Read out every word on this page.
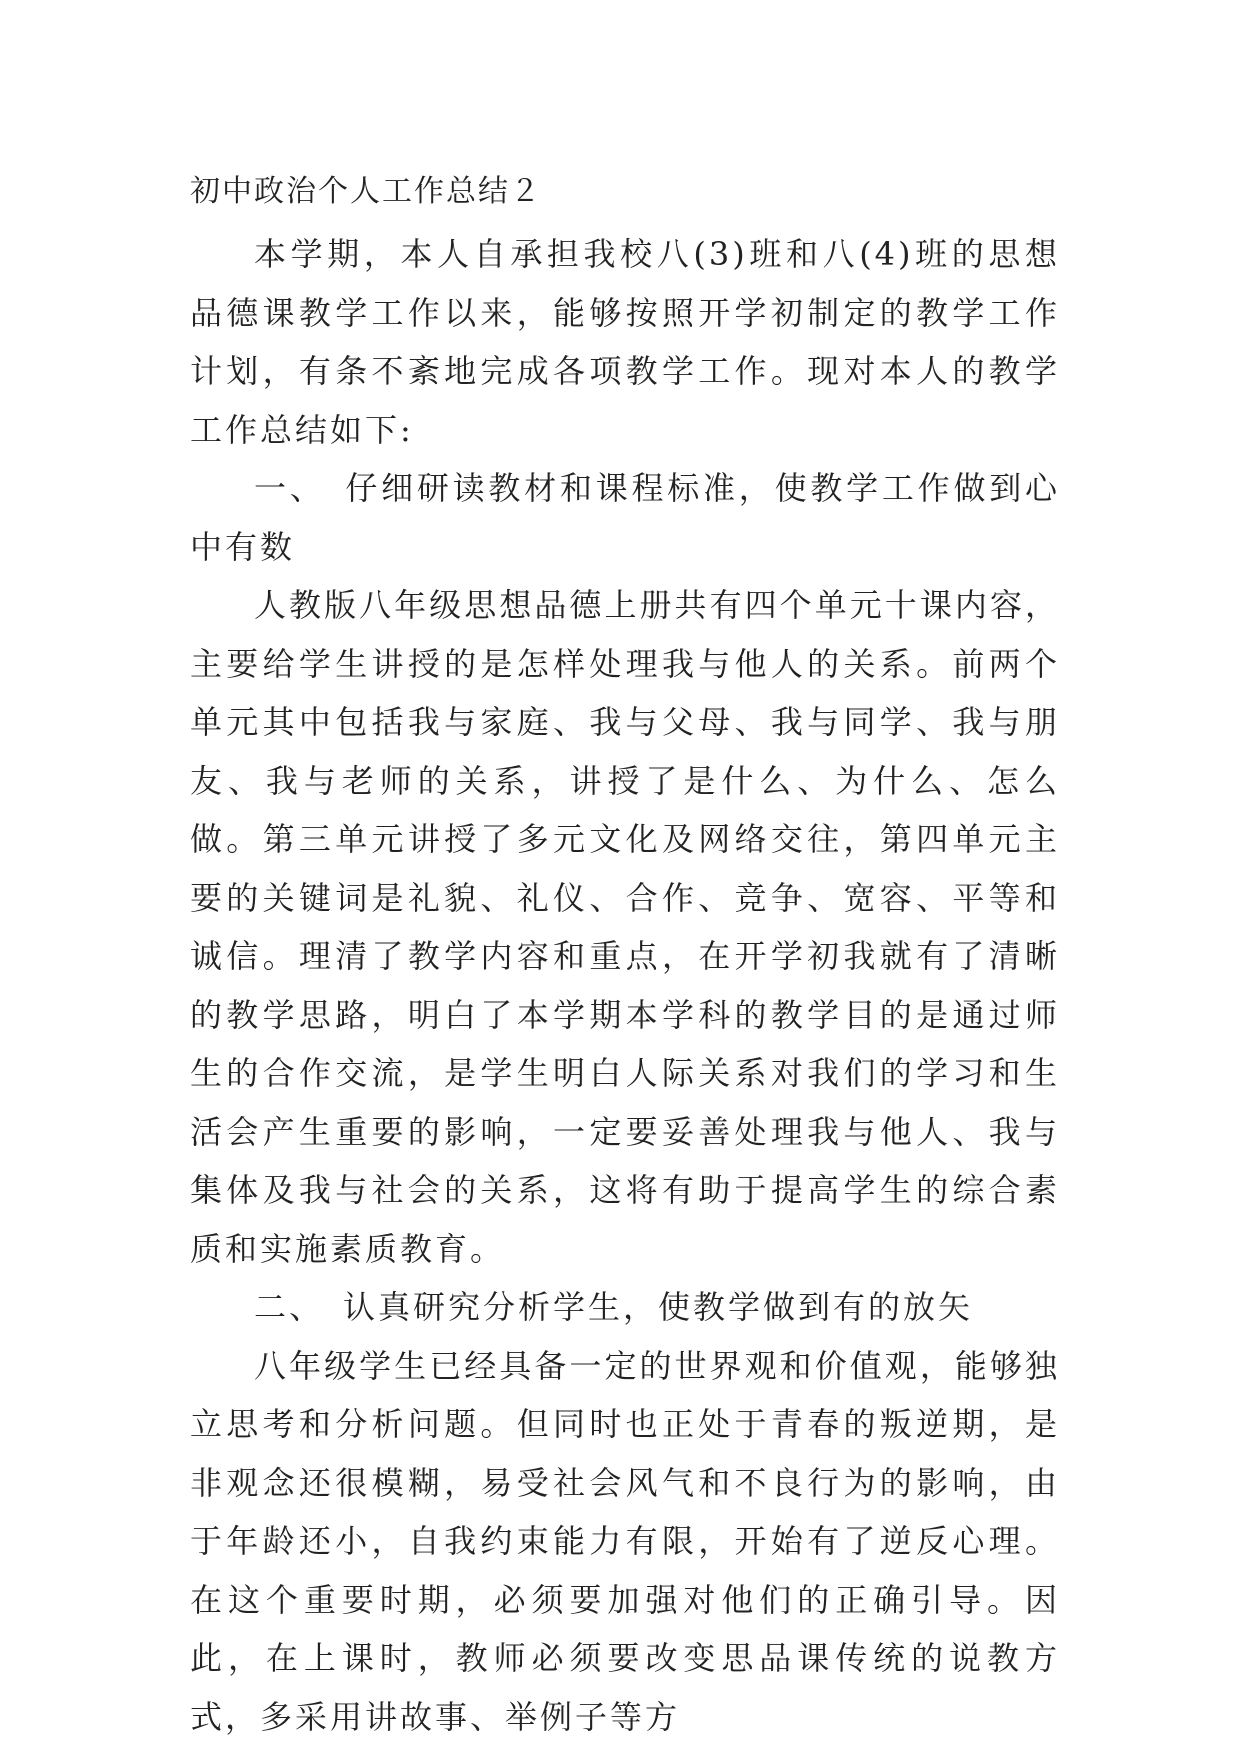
初中政治个人工作总结２

本学期，本人自承担我校八(3)班和八(4)班的思想品德课教学工作以来，能够按照开学初制定的教学工作计划，有条不紊地完成各项教学工作。现对本人的教学工作总结如下:

一、　仔细研读教材和课程标准，使教学工作做到心中有数

人教版八年级思想品德上册共有四个单元十课内容，主要给学生讲授的是怎样处理我与他人的关系。前两个单元其中包括我与家庭、我与父母、我与同学、我与朋友、我与老师的关系，讲授了是什么、为什么、怎么做。第三单元讲授了多元文化及网络交往，第四单元主要的关键词是礼貌、礼仪、合作、竞争、宽容、平等和诚信。理清了教学内容和重点，在开学初我就有了清晰的教学思路，明白了本学期本学科的教学目的是通过师生的合作交流，是学生明白人际关系对我们的学习和生活会产生重要的影响，一定要妥善处理我与他人、我与集体及我与社会的关系，这将有助于提高学生的综合素质和实施素质教育。

二、　认真研究分析学生，使教学做到有的放矢

八年级学生已经具备一定的世界观和价值观，能够独立思考和分析问题。但同时也正处于青春的叛逆期，是非观念还很模糊，易受社会风气和不良行为的影响，由于年龄还小，自我约束能力有限，开始有了逆反心理。在这个重要时期，必须要加强对他们的正确引导。因此，在上课时，教师必须要改变思品课传统的说教方式，多采用讲故事、举例子等方
